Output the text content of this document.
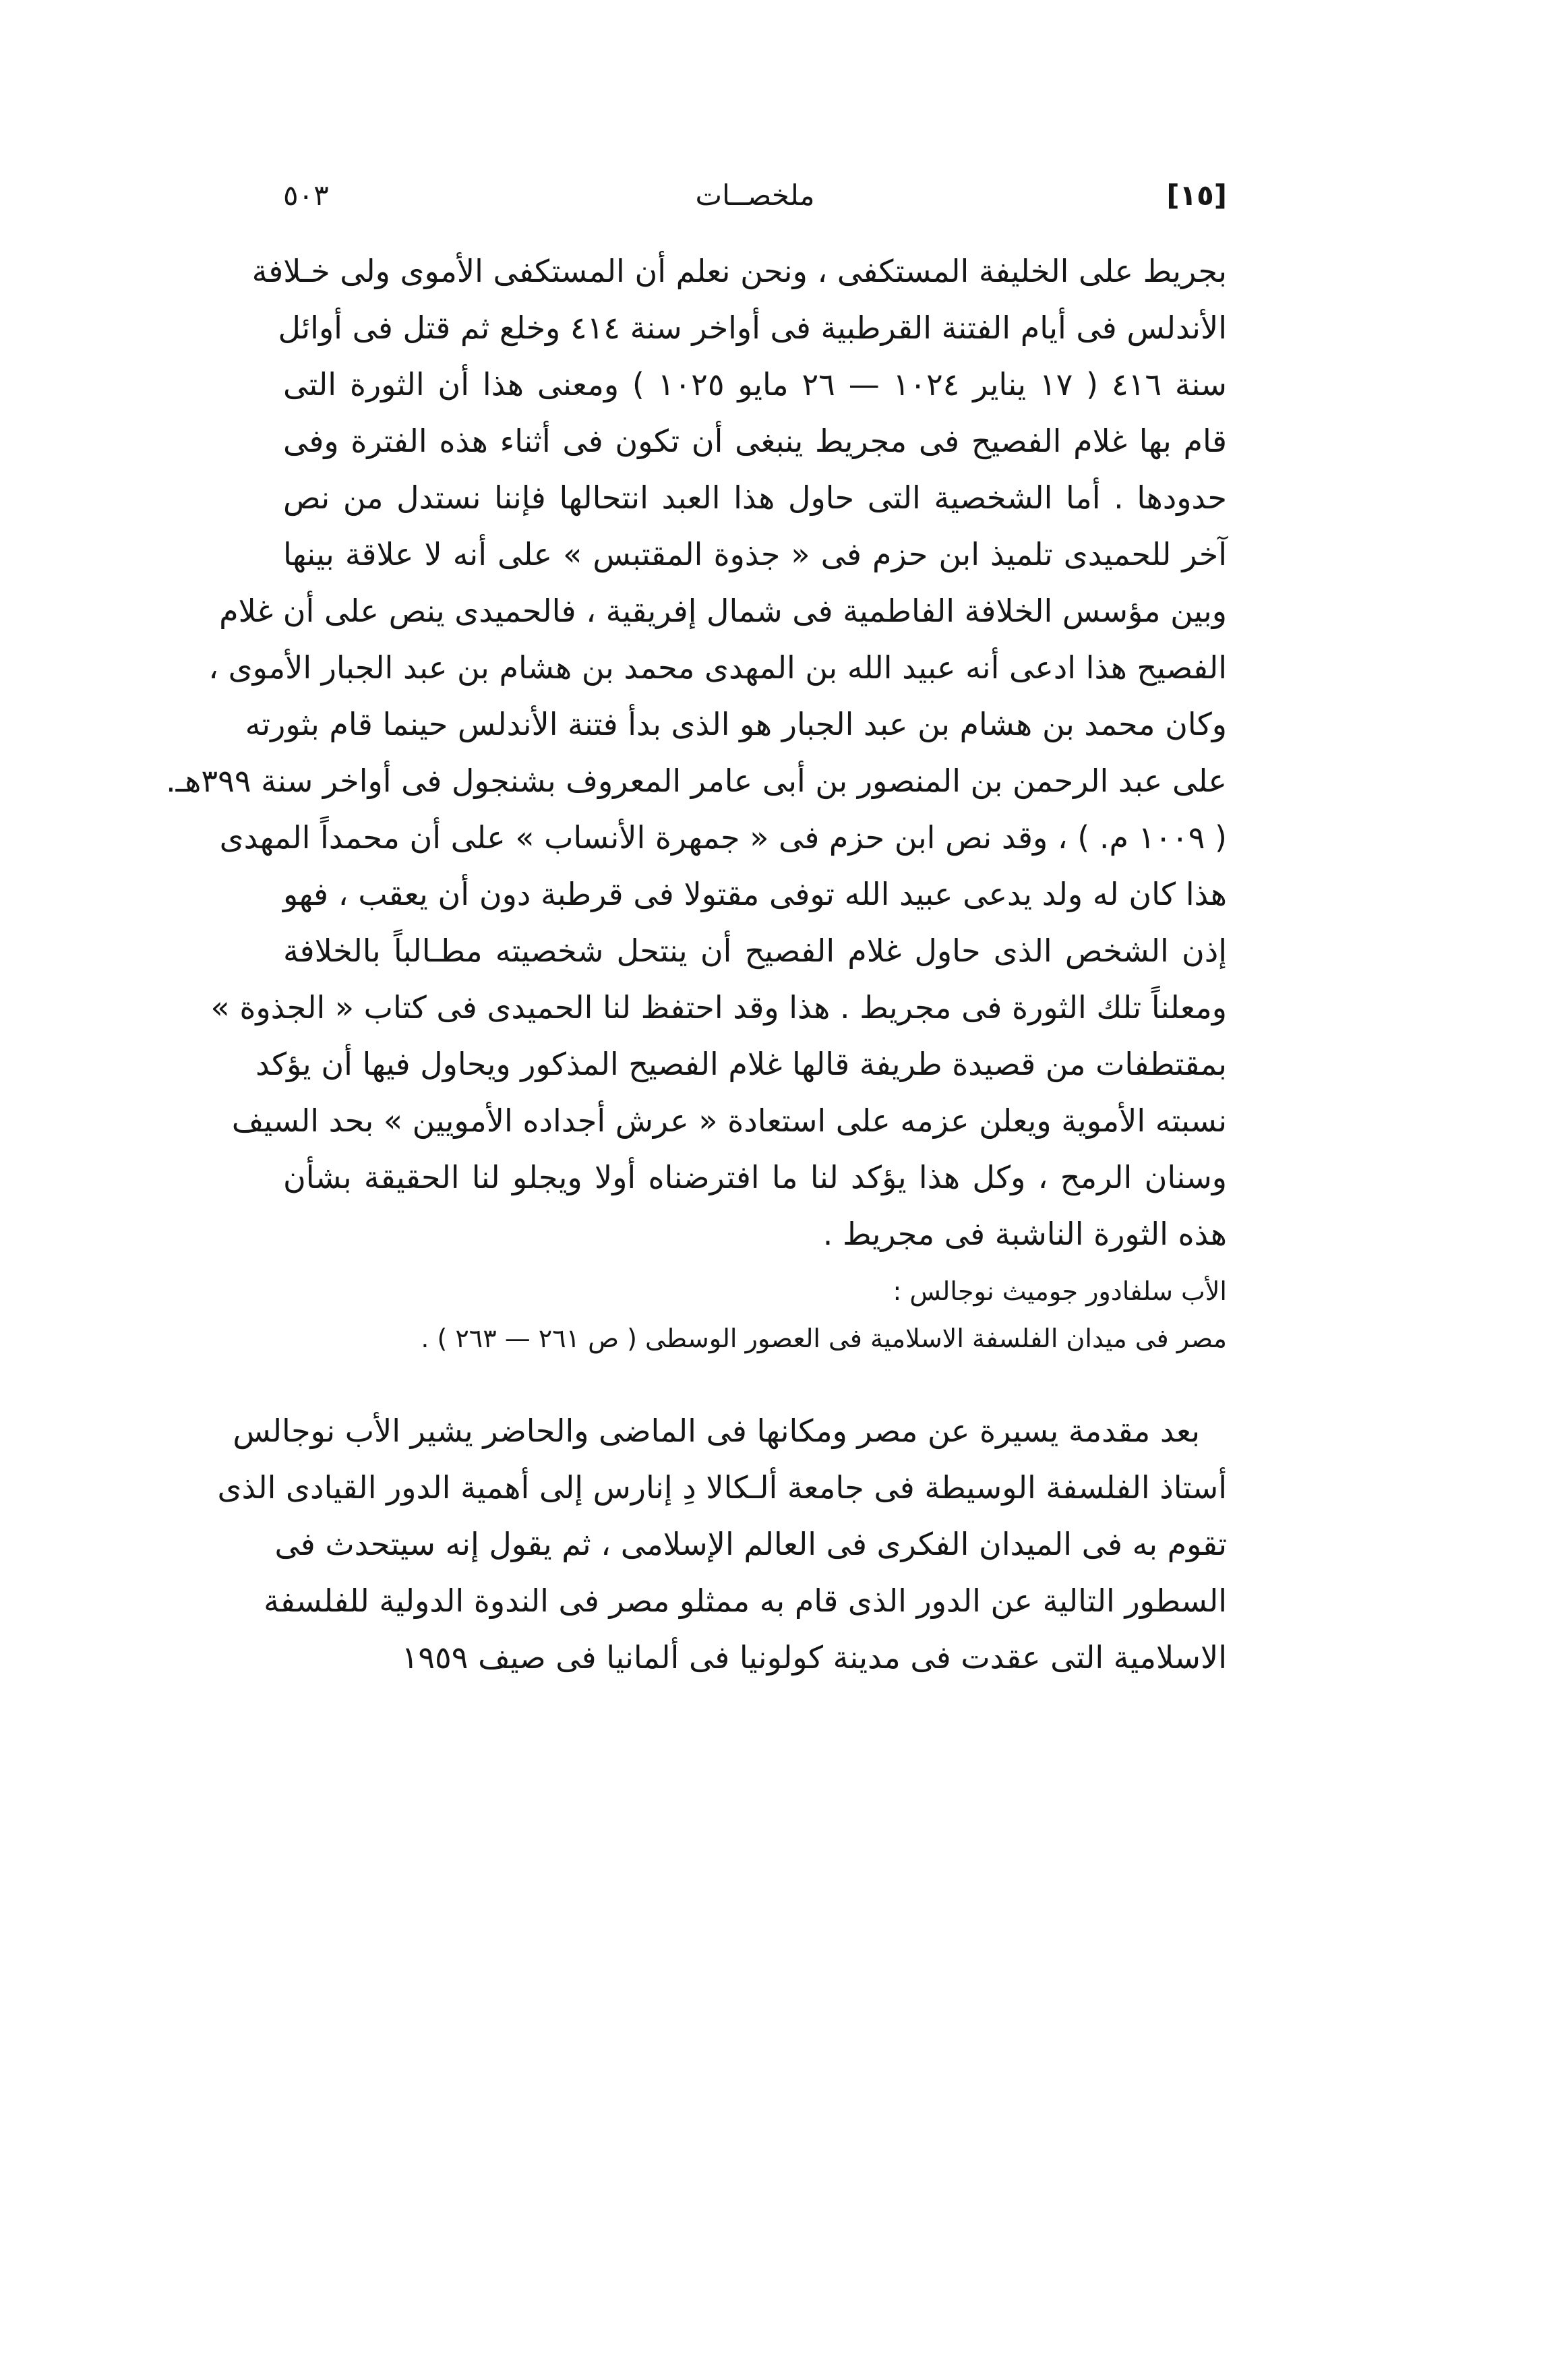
٥٠٣	ملخصــات	[١٥]
بجريط على الخليفة المستكفى ، ونحن نعلم أن المستكفى الأموى ولى خـلافة
الأندلس فى أيام الفتنة القرطبية فى أواخر سنة ٤١٤ وخلع ثم قتل فى أوائل
سنة ٤١٦ ( ١٧ يناير ١٠٢٤ — ٢٦ مايو ١٠٢٥ ) ومعنى هذا أن الثورة التى
قام بها غلام الفصيح فى مجريط ينبغى أن تكون فى أثناء هذه الفترة وفى
حدودها . أما الشخصية التى حاول هذا العبد انتحالها فإننا نستدل من نص
آخر للحميدى تلميذ ابن حزم فى « جذوة المقتبس » على أنه لا علاقة بينها
وبين مؤسس الخلافة الفاطمية فى شمال إفريقية ، فالحميدى ينص على أن غلام
الفصيح هذا ادعى أنه عبيد الله بن المهدى محمد بن هشام بن عبد الجبار الأموى ،
وكان محمد بن هشام بن عبد الجبار هو الذى بدأ فتنة الأندلس حينما قام بثورته
على عبد الرحمن بن المنصور بن أبى عامر المعروف بشنجول فى أواخر سنة ٣٩٩هـ.
( ١٠٠٩ م. ) ، وقد نص ابن حزم فى « جمهرة الأنساب » على أن محمداً المهدى
هذا كان له ولد يدعى عبيد الله توفى مقتولا فى قرطبة دون أن يعقب ، فهو
إذن الشخص الذى حاول غلام الفصيح أن ينتحل شخصيته مطـالباً بالخلافة
ومعلناً تلك الثورة فى مجريط . هذا وقد احتفظ لنا الحميدى فى كتاب « الجذوة »
بمقتطفات من قصيدة طريفة قالها غلام الفصيح المذكور ويحاول فيها أن يؤكد
نسبته الأموية ويعلن عزمه على استعادة « عرش أجداده الأمويين » بحد السيف
وسنان الرمح ، وكل هذا يؤكد لنا ما افترضناه أولا ويجلو لنا الحقيقة بشأن
هذه الثورة الناشبة فى مجريط .
الأب سلفادور جوميث نوجالس :
مصر فى ميدان الفلسفة الاسلامية فى العصور الوسطى ( ص ٢٦١ — ٢٦٣ ) .
بعد مقدمة يسيرة عن مصر ومكانها فى الماضى والحاضر يشير الأب نوجالس
أستاذ الفلسفة الوسيطة فى جامعة ألـكالا دِ إنارس إلى أهمية الدور القيادى الذى
تقوم به فى الميدان الفكرى فى العالم الإسلامى ، ثم يقول إنه سيتحدث فى
السطور التالية عن الدور الذى قام به ممثلو مصر فى الندوة الدولية للفلسفة
الاسلامية التى عقدت فى مدينة كولونيا فى ألمانيا فى صيف ١٩٥٩
